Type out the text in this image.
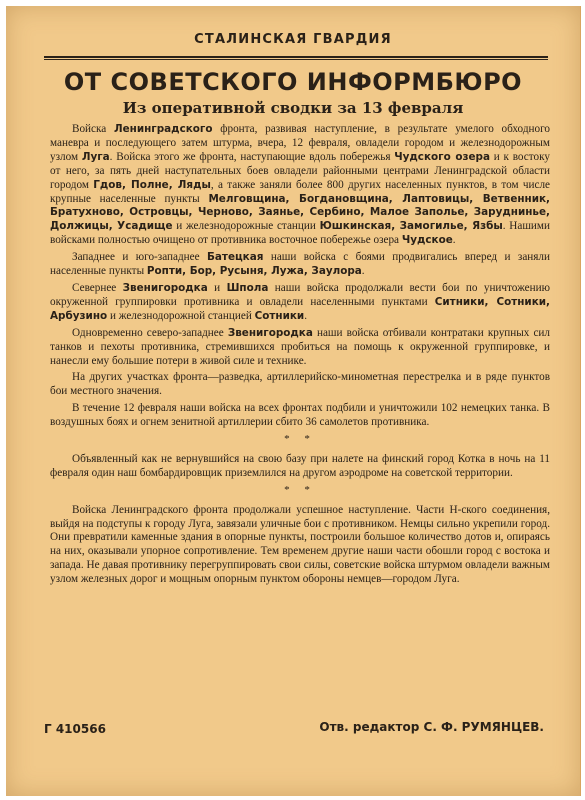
СТАЛИНСКАЯ ГВАРДИЯ
ОТ СОВЕТСКОГО ИНФОРМБЮРО
Из оперативной сводки за 13 февраля

Войска Ленинградского фронта, развивая наступление, в результате умелого обходного маневра и последующего затем штурма, вчера, 12 февраля, овладели городом и железнодорожным узлом Луга. Войска этого же фронта, наступающие вдоль побережья Чудского озера и к востоку от него, за пять дней наступательных боев овладели районными центрами Ленинградской области городом Гдов, Полне, Ляды, а также заняли более 800 других населенных пунктов, в том числе крупные населенные пункты Мелговщина, Богдановщина, Лаптовицы, Ветвенник, Братухново, Островцы, Черново, Заянье, Сербино, Малое Заполье, Заруднинье, Должицы, Усадище и железнодорожные станции Юшкинская, Замогилье, Язбы. Нашими войсками полностью очищено от противника восточное побережье озера Чудское.

Западнее и юго-западнее Батецкая наши войска с боями продвигались вперед и заняли населенные пункты Ропти, Бор, Русыня, Лужа, Заулора.

Севернее Звенигородка и Шпола наши войска продолжали вести бои по уничтожению окруженной группировки противника и овладели населенными пунктами Ситники, Сотники, Арбузино и железнодорожной станцией Сотники.

Одновременно северо-западнее Звенигородка наши войска отбивали контратаки крупных сил танков и пехоты противника, стремившихся пробиться на помощь к окруженной группировке, и нанесли ему большие потери в живой силе и технике.

На других участках фронта—разведка, артиллерийско-минометная перестрелка и в ряде пунктов бои местного значения.

В течение 12 февраля наши войска на всех фронтах подбили и уничтожили 102 немецких танка. В воздушных боях и огнем зенитной артиллерии сбито 36 самолетов противника.

* *

Объявленный как не вернувшийся на свою базу при налете на финский город Котка в ночь на 11 февраля один наш бомбардировщик приземлился на другом аэродроме на советской территории.

* *

Войска Ленинградского фронта продолжали успешное наступление. Части Н-ского соединения, выйдя на подступы к городу Луга, завязали уличные бои с противником. Немцы сильно укрепили город. Они превратили каменные здания в опорные пункты, построили большое количество дотов и, опираясь на них, оказывали упорное сопротивление. Тем временем другие наши части обошли город с востока и запада. Не давая противнику перегруппировать свои силы, советские войска штурмом овладели важным узлом железных дорог и мощным опорным пунктом обороны немцев—городом Луга.

Г 410566	Отв. редактор С. Ф. РУМЯНЦЕВ.
